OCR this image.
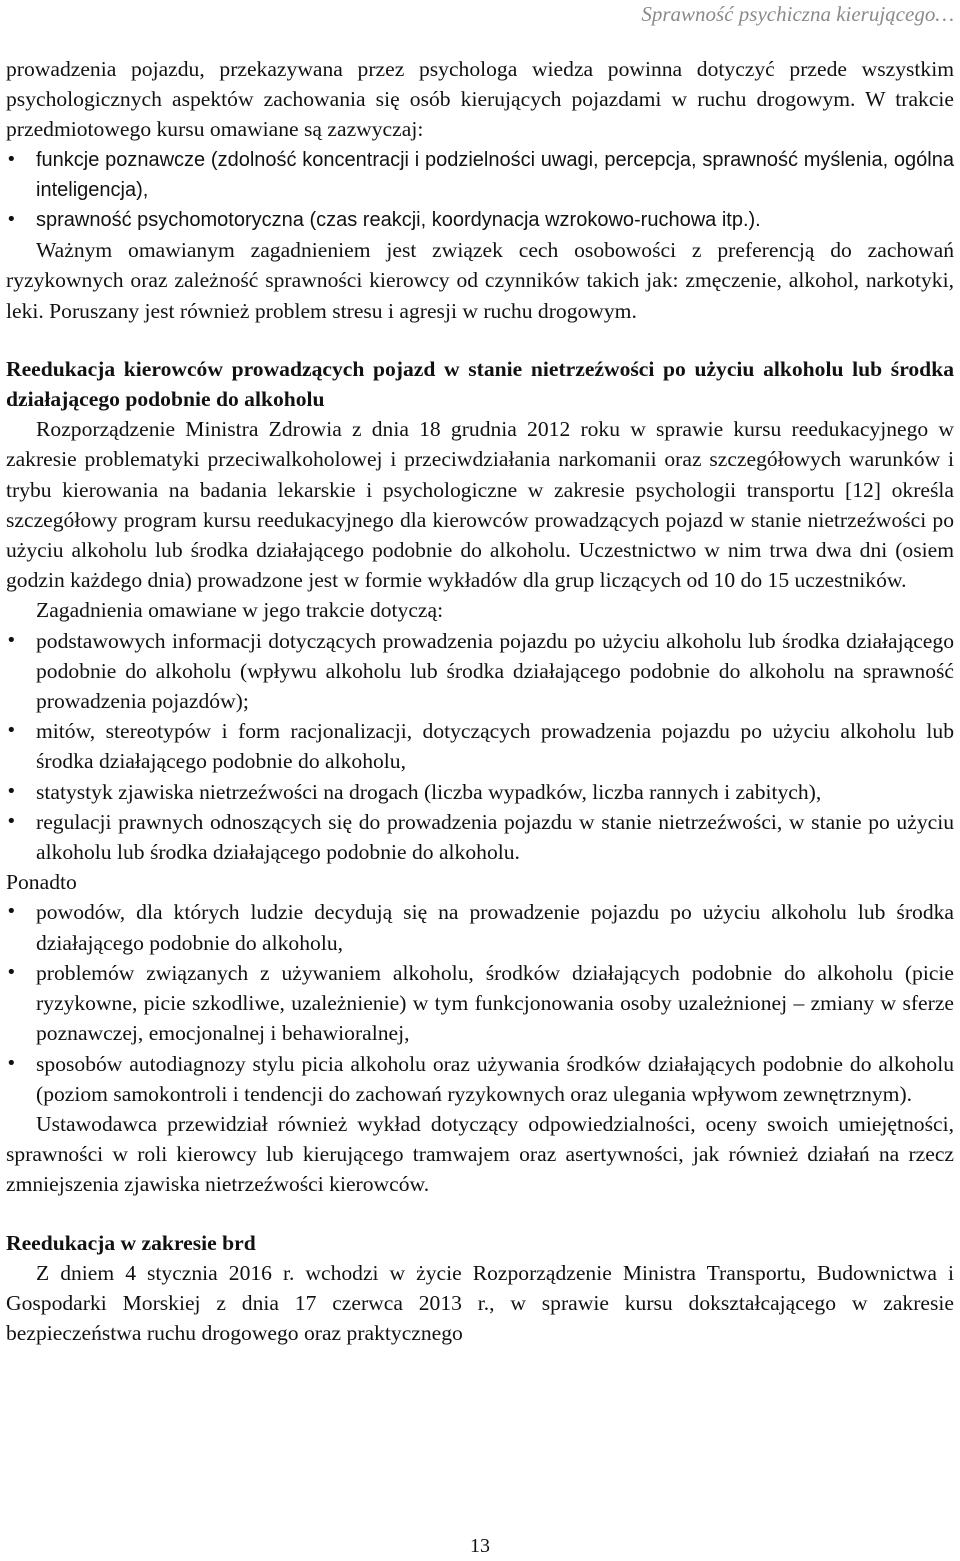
Sprawność psychiczna kierującego…

prowadzenia pojazdu, przekazywana przez psychologa wiedza powinna dotyczyć przede wszystkim psychologicznych aspektów zachowania się osób kierujących pojazdami w ruchu drogowym. W trakcie przedmiotowego kursu omawiane są zazwyczaj:

• funkcje poznawcze (zdolność koncentracji i podzielności uwagi, percepcja, sprawność myślenia, ogólna inteligencja),
• sprawność psychomotoryczna (czas reakcji, koordynacja wzrokowo-ruchowa itp.).

Ważnym omawianym zagadnieniem jest związek cech osobowości z preferencją do zachowań ryzykownych oraz zależność sprawności kierowcy od czynników takich jak: zmęczenie, alkohol, narkotyki, leki. Poruszany jest również problem stresu i agresji w ruchu drogowym.

Reedukacja kierowców prowadzących pojazd w stanie nietrzeźwości po użyciu alkoholu lub środka działającego podobnie do alkoholu

Rozporządzenie Ministra Zdrowia z dnia 18 grudnia 2012 roku w sprawie kursu reedukacyjnego w zakresie problematyki przeciwalkoholowej i przeciwdziałania narkomanii oraz szczegółowych warunków i trybu kierowania na badania lekarskie i psychologiczne w zakresie psychologii transportu [12] określa szczegółowy program kursu reedukacyjnego dla kierowców prowadzących pojazd w stanie nietrzeźwości po użyciu alkoholu lub środka działającego podobnie do alkoholu. Uczestnictwo w nim trwa dwa dni (osiem godzin każdego dnia) prowadzone jest w formie wykładów dla grup liczących od 10 do 15 uczestników.

Zagadnienia omawiane w jego trakcie dotyczą:

• podstawowych informacji dotyczących prowadzenia pojazdu po użyciu alkoholu lub środka działającego podobnie do alkoholu (wpływu alkoholu lub środka działającego podobnie do alkoholu na sprawność prowadzenia pojazdów);
• mitów, stereotypów i form racjonalizacji, dotyczących prowadzenia pojazdu po użyciu alkoholu lub środka działającego podobnie do alkoholu,
• statystyk zjawiska nietrzeźwości na drogach (liczba wypadków, liczba rannych i zabitych),
• regulacji prawnych odnoszących się do prowadzenia pojazdu w stanie nietrzeźwości, w stanie po użyciu alkoholu lub środka działającego podobnie do alkoholu.

Ponadto

• powodów, dla których ludzie decydują się na prowadzenie pojazdu po użyciu alkoholu lub środka działającego podobnie do alkoholu,
• problemów związanych z używaniem alkoholu, środków działających podobnie do alkoholu (picie ryzykowne, picie szkodliwe, uzależnienie) w tym funkcjonowania osoby uzależnionej – zmiany w sferze poznawczej, emocjonalnej i behawioralnej,
• sposobów autodiagnozy stylu picia alkoholu oraz używania środków działających podobnie do alkoholu (poziom samokontroli i tendencji do zachowań ryzykownych oraz ulegania wpływom zewnętrznym).

Ustawodawca przewidział również wykład dotyczący odpowiedzialności, oceny swoich umiejętności, sprawności w roli kierowcy lub kierującego tramwajem oraz asertywności, jak również działań na rzecz zmniejszenia zjawiska nietrzeźwości kierowców.

Reedukacja w zakresie brd

Z dniem 4 stycznia 2016 r. wchodzi w życie Rozporządzenie Ministra Transportu, Budownictwa i Gospodarki Morskiej z dnia 17 czerwca 2013 r., w sprawie kursu dokształcającego w zakresie bezpieczeństwa ruchu drogowego oraz praktycznego

13
